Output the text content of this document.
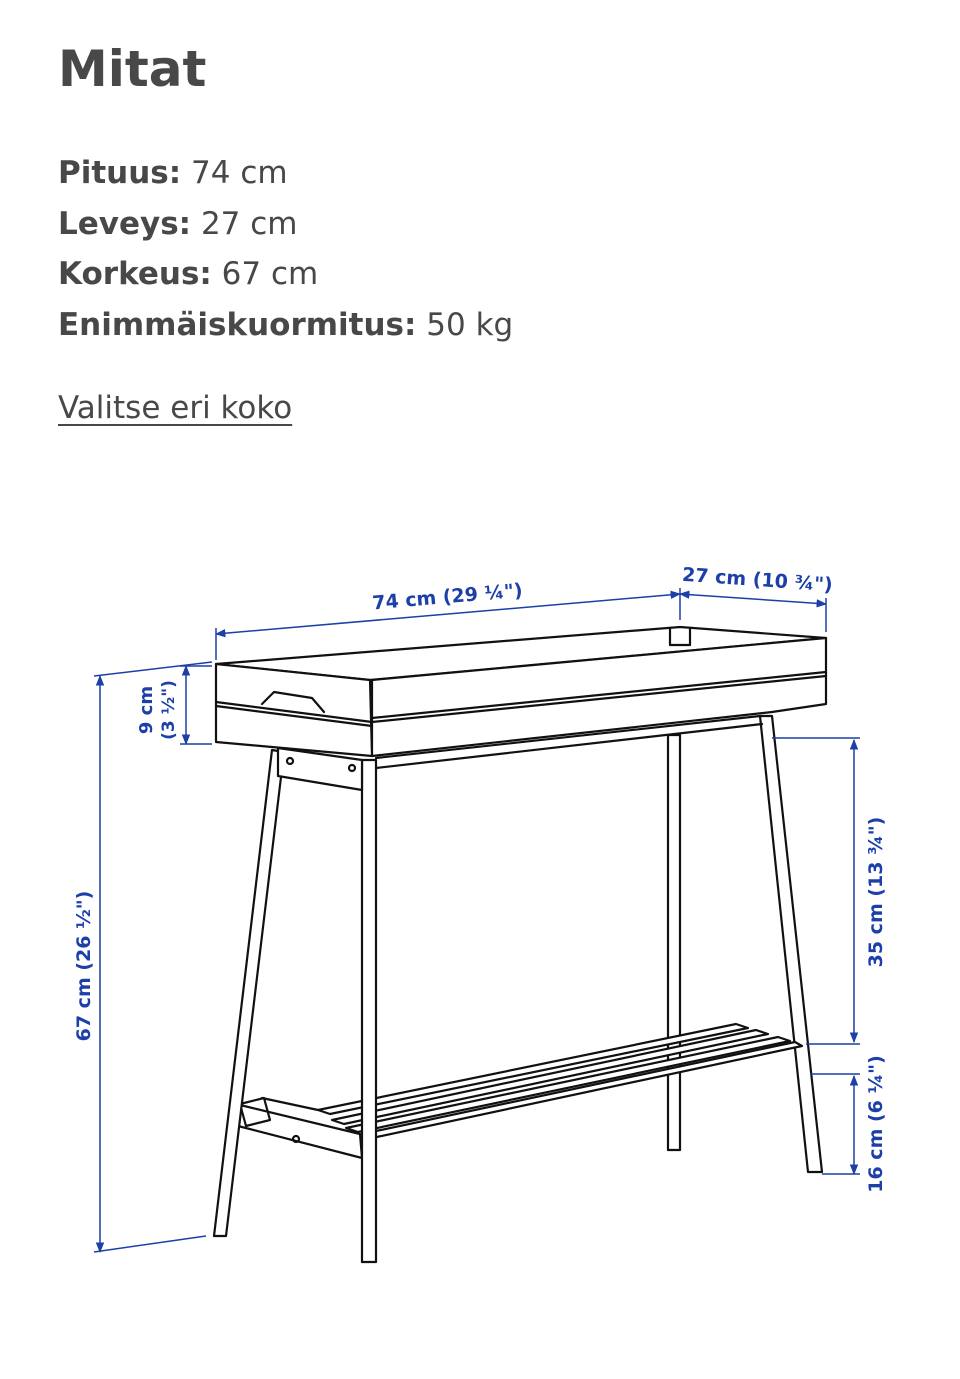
Mitat
Pituus: 74 cm
Leveys: 27 cm
Korkeus: 67 cm
Enimmäiskuormitus: 50 kg
Valitse eri koko
74 cm (29 ¼")	27 cm (10 ¾")
9 cm (3 ½")
67 cm (26 ½")	35 cm (13 ¾")
16 cm (6 ¼")
